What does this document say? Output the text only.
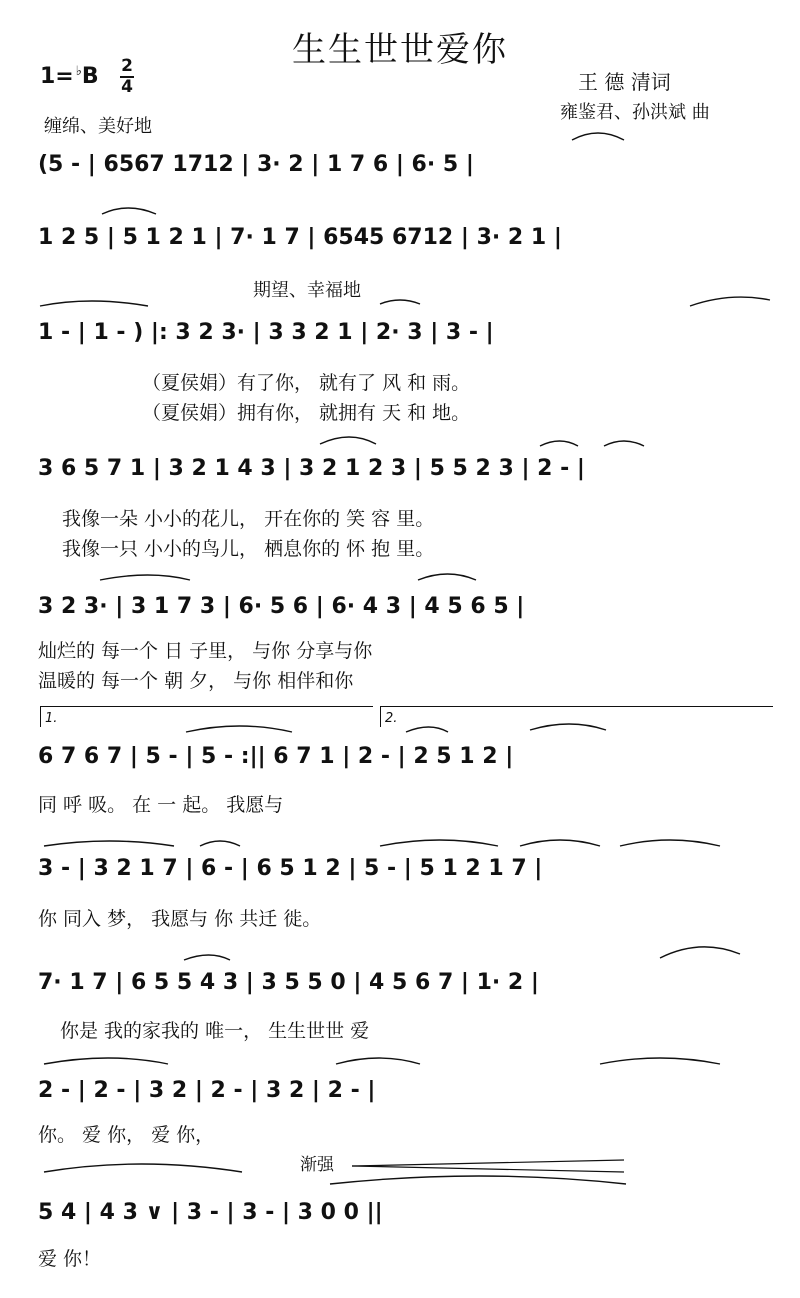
生生世世爱你
1= ♭B 2
4	王 德 清词
雍鉴君、孙洪斌 曲
缠绵、美好地
期望、幸福地
渐强
(5 - | 6567 1712 | 3· 2 | 1 7 6 | 6· 5 |
1 2 5 | 5 1 2 1 | 7· 1 7 | 6545 6712 | 3· 2 1 |
1 - | 1 - ) |: 3 2 3· | 3 3 2 1 | 2· 3 | 3 - |
（夏侯娟）有了你， 就有了 风 和 雨。
（夏侯娟）拥有你， 就拥有 天 和 地。
3 6 5 7 1 | 3 2 1 4 3 | 3 2 1 2 3 | 5 5 2 3 | 2 - |
我像一朵 小小的花儿， 开在你的 笑 容 里。
我像一只 小小的鸟儿， 栖息你的 怀 抱 里。
3 2 3· | 3 1 7 3 | 6· 5 6 | 6· 4 3 | 4 5 6 5 |
灿烂的 每一个 日 子里， 与你 分享与你
温暖的 每一个 朝 夕， 与你 相伴和你
1.	2.
6 7 6 7 | 5 - | 5 - :|| 6 7 1 | 2 - | 2 5 1 2 |
同 呼 吸。 在 一 起。 我愿与
3 - | 3 2 1 7 | 6 - | 6 5 1 2 | 5 - | 5 1 2 1 7 |
你 同入 梦， 我愿与 你 共迁 徙。
7· 1 7 | 6 5 5 4 3 | 3 5 5 0 | 4 5 6 7 | 1· 2 |
你是 我的家我的 唯一， 生生世世 爱
2 - | 2 - | 3 2 | 2 - | 3 2 | 2 - |
你。 爱 你， 爱 你，
5 4 | 4 3 ∨ | 3 - | 3 - | 3 0 0 ||
爱 你！
